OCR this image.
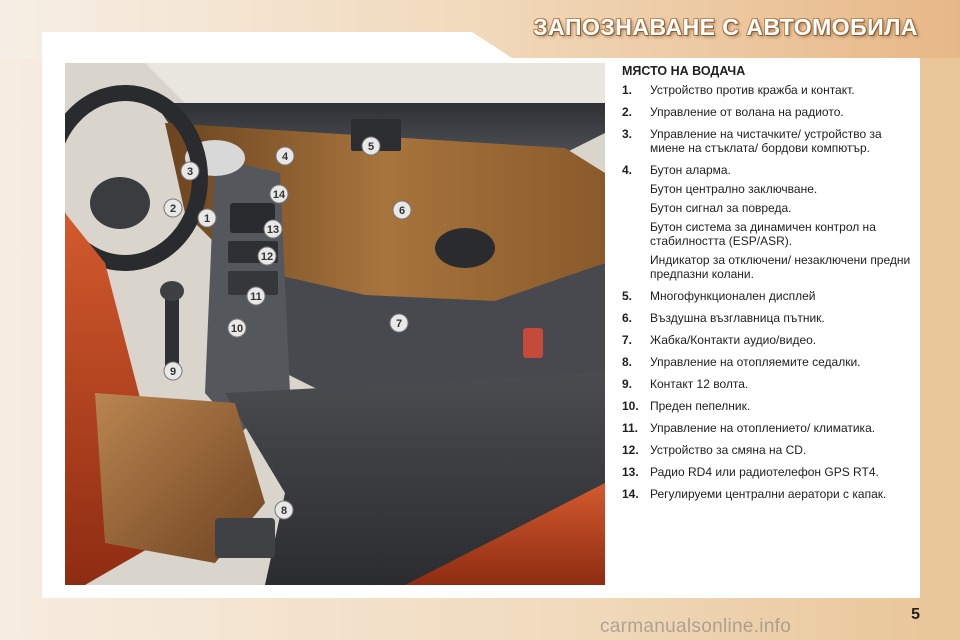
ЗАПОЗНАВАНЕ С АВТОМОБИЛА
1
2
3
4
5
6
7
8
9
10
11
12
13
14
МЯСТО НА ВОДАЧА
1.	Устройство против кражба и контакт.
2.	Управление от волана на радиото.
3.	Управление на чистачките/ устройство за миене на стъклата/ бордови компютър.
4.	Бутон аларма.
Бутон централно заключване.
Бутон сигнал за повреда.
Бутон система за динамичен контрол на стабилността (ESP/ASR).
Индикатор за отключени/ незаключени предни предпазни колани.
5.	Многофункционален дисплей
6.	Въздушна възглавница пътник.
7.	Жабка/Контакти аудио/видео.
8.	Управление на отопляемите седалки.
9.	Контакт 12 волта.
10. Преден пепелник.
11. Управление на отоплението/ климатика.
12. Устройство за смяна на CD.
13. Радио RD4 или радиотелефон GPS RT4.
14. Регулируеми централни аератори с капак.
5
carmanualsonline.info
